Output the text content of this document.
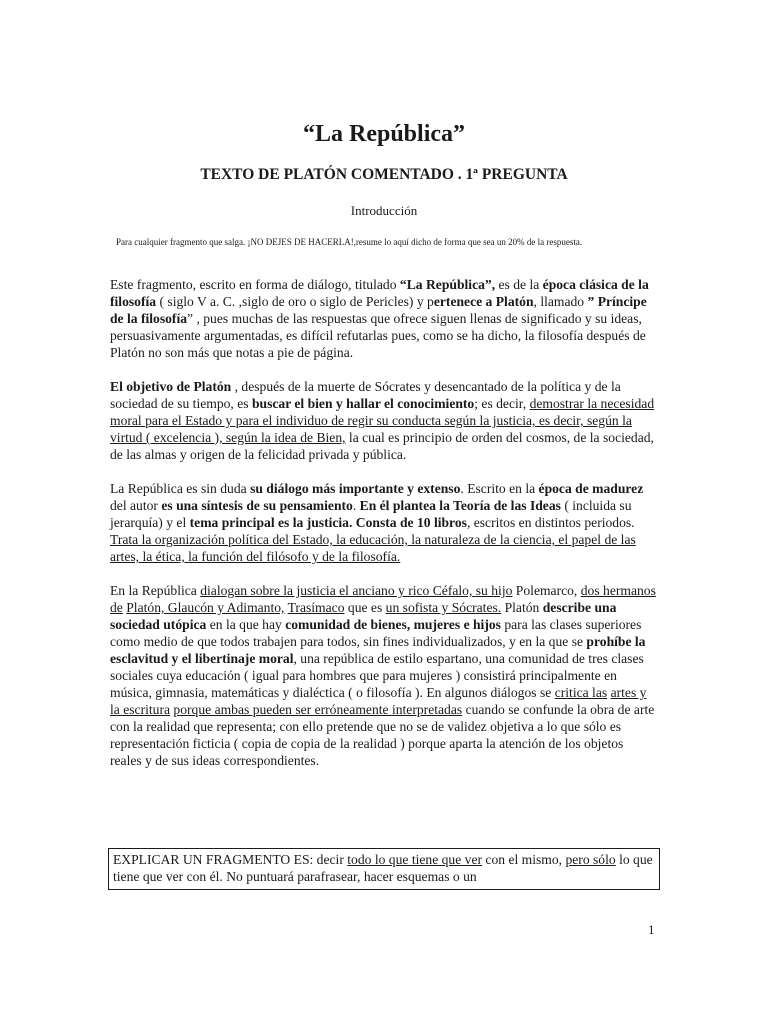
“La República”
TEXTO DE PLATÓN COMENTADO . 1ª PREGUNTA
Introducción
Para cualquier fragmento que salga. ¡NO DEJES DE HACERLA!,resume lo aquí dicho de forma que sea un 20% de la respuesta.

Este fragmento, escrito en forma de diálogo, titulado “La República”, es de la época clásica de la filosofía ( siglo V a. C. ,siglo de oro o siglo de Pericles) y pertenece a Platón, llamado ” Príncipe de la filosofía” , pues muchas de las respuestas que ofrece siguen llenas de significado y su ideas, persuasivamente argumentadas, es difícil refutarlas pues, como se ha dicho, la filosofía después de Platón no son más que notas a pie de página.

El objetivo de Platón , después de la muerte de Sócrates y desencantado de la política y de la sociedad de su tiempo, es buscar el bien y hallar el conocimiento; es decir, demostrar la necesidad moral para el Estado y para el individuo de regir su conducta según la justicia, es decir, según la virtud ( excelencia ), según la idea de Bien, la cual es principio de orden del cosmos, de la sociedad, de las almas y origen de la felicidad privada y pública.

La República es sin duda su diálogo más importante y extenso. Escrito en la época de madurez del autor es una síntesis de su pensamiento. En él plantea la Teoría de las Ideas ( incluida su jerarquía) y el tema principal es la justicia. Consta de 10 libros, escritos en distintos periodos. Trata la organización política del Estado, la educación, la naturaleza de la ciencia, el papel de las artes, la ética, la función del filósofo y de la filosofía.

En la República dialogan sobre la justicia el anciano y rico Céfalo, su hijo Polemarco, dos hermanos de Platón, Glaucón y Adimanto, Trasímaco que es un sofista y Sócrates. Platón describe una sociedad utópica en la que hay comunidad de bienes, mujeres e hijos para las clases superiores como medio de que todos trabajen para todos, sin fines individualizados, y en la que se prohíbe la esclavitud y el libertinaje moral, una república de estilo espartano, una comunidad de tres clases sociales cuya educación ( igual para hombres que para mujeres ) consistirá principalmente en música, gimnasia, matemáticas y dialéctica ( o filosofía ). En algunos diálogos se critica las artes y la escritura porque ambas pueden ser erróneamente interpretadas cuando se confunde la obra de arte con la realidad que representa; con ello pretende que no se de validez objetiva a lo que sólo es representación ficticia ( copia de copia de la realidad ) porque aparta la atención de los objetos reales y de sus ideas correspondientes.

EXPLICAR UN FRAGMENTO ES: decir todo lo que tiene que ver con el mismo, pero sólo lo que tiene que ver con él. No puntuará parafrasear, hacer esquemas o un
1
